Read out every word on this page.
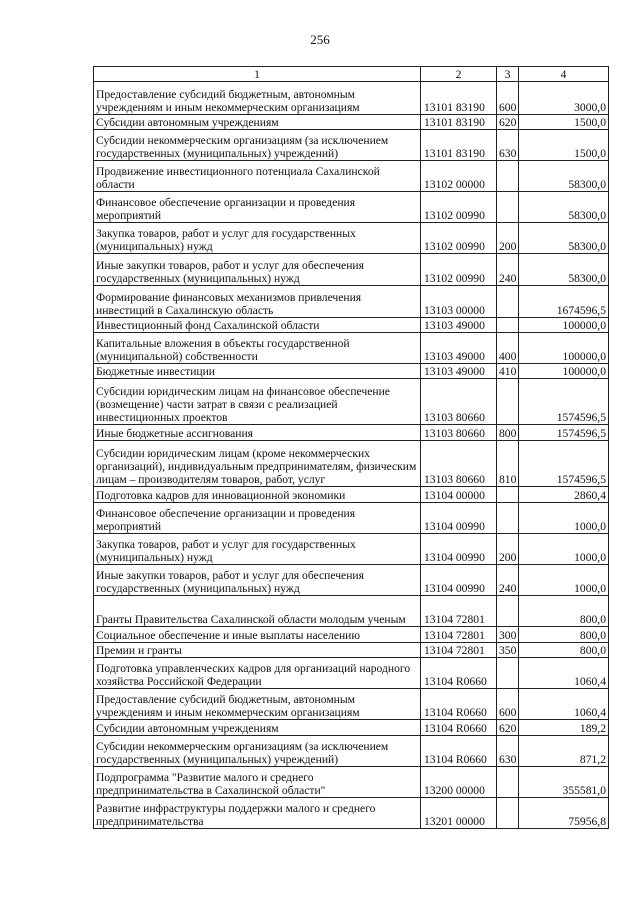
256
1	2	3	4
Предоставление субсидий бюджетным, автономным учреждениям и иным некоммерческим организациям	13101 83190	600	3000,0
Субсидии автономным учреждениям	13101 83190	620	1500,0
Субсидии некоммерческим организациям (за исключением государственных (муниципальных) учреждений)	13101 83190	630	1500,0
Продвижение инвестиционного потенциала Сахалинской области	13102 00000		58300,0
Финансовое обеспечение организации и проведения мероприятий	13102 00990		58300,0
Закупка товаров, работ и услуг для государственных (муниципальных) нужд	13102 00990	200	58300,0
Иные закупки товаров, работ и услуг для обеспечения государственных (муниципальных) нужд	13102 00990	240	58300,0
Формирование финансовых механизмов привлечения инвестиций в Сахалинскую область	13103 00000		1674596,5
Инвестиционный фонд Сахалинской области	13103 49000		100000,0
Капитальные вложения в объекты государственной (муниципальной) собственности	13103 49000	400	100000,0
Бюджетные инвестиции	13103 49000	410	100000,0
Субсидии юридическим лицам на финансовое обеспечение (возмещение) части затрат в связи с реализацией инвестиционных проектов	13103 80660		1574596,5
Иные бюджетные ассигнования	13103 80660	800	1574596,5
Субсидии юридическим лицам (кроме некоммерческих организаций), индивидуальным предпринимателям, физическим лицам – производителям товаров, работ, услуг	13103 80660	810	1574596,5
Подготовка кадров для инновационной экономики	13104 00000		2860,4
Финансовое обеспечение организации и проведения мероприятий	13104 00990		1000,0
Закупка товаров, работ и услуг для государственных (муниципальных) нужд	13104 00990	200	1000,0
Иные закупки товаров, работ и услуг для обеспечения государственных (муниципальных) нужд	13104 00990	240	1000,0
Гранты Правительства Сахалинской области молодым ученым	13104 72801		800,0
Социальное обеспечение и иные выплаты населению	13104 72801	300	800,0
Премии и гранты	13104 72801	350	800,0
Подготовка управленческих кадров для организаций народного хозяйства Российской Федерации	13104 R0660		1060,4
Предоставление субсидий бюджетным, автономным учреждениям и иным некоммерческим организациям	13104 R0660	600	1060,4
Субсидии автономным учреждениям	13104 R0660	620	189,2
Субсидии некоммерческим организациям (за исключением государственных (муниципальных) учреждений)	13104 R0660	630	871,2
Подпрограмма "Развитие малого и среднего предпринимательства в Сахалинской области"	13200 00000		355581,0
Развитие инфраструктуры поддержки малого и среднего предпринимательства	13201 00000		75956,8
